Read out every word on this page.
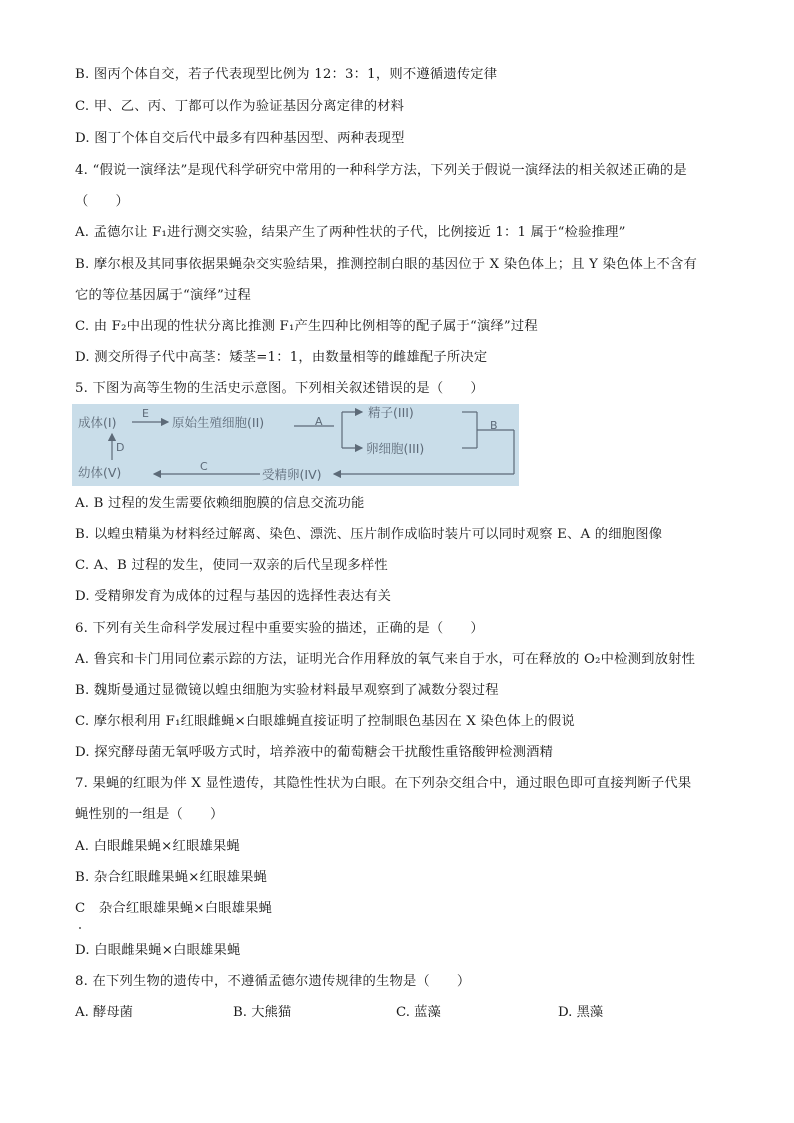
B. 图丙个体自交，若子代表现型比例为 12：3：1，则不遵循遗传定律
C. 甲、乙、丙、丁都可以作为验证基因分离定律的材料
D. 图丁个体自交后代中最多有四种基因型、两种表现型
4. “假说一演绎法”是现代科学研究中常用的一种科学方法，下列关于假说一演绎法的相关叙述正确的是
（　　）
A. 孟德尔让 F₁进行测交实验，结果产生了两种性状的子代，比例接近 1：1 属于“检验推理”
B. 摩尔根及其同事依据果蝇杂交实验结果，推测控制白眼的基因位于 X 染色体上；且 Y 染色体上不含有
它的等位基因属于“演绎”过程
C. 由 F₂中出现的性状分离比推测 F₁产生四种比例相等的配子属于“演绎”过程
D. 测交所得子代中高茎：矮茎=1：1，由数量相等的雌雄配子所决定
5. 下图为高等生物的生活史示意图。下列相关叙述错误的是（　　）
成体(I)
E
原始生殖细胞(II)	A
精子(III)
卵细胞(III)
B
D
幼体(V)	C
受精卵(IV)
A. B 过程的发生需要依赖细胞膜的信息交流功能
B. 以蝗虫精巢为材料经过解离、染色、漂洗、压片制作成临时装片可以同时观察 E、A 的细胞图像
C. A、B 过程的发生，使同一双亲的后代呈现多样性
D. 受精卵发育为成体的过程与基因的选择性表达有关
6. 下列有关生命科学发展过程中重要实验的描述，正确的是（　　）
A. 鲁宾和卡门用同位素示踪的方法，证明光合作用释放的氧气来自于水，可在释放的 O₂中检测到放射性
B. 魏斯曼通过显微镜以蝗虫细胞为实验材料最早观察到了减数分裂过程
C. 摩尔根利用 F₁红眼雌蝇×白眼雄蝇直接证明了控制眼色基因在 X 染色体上的假说
D. 探究酵母菌无氧呼吸方式时，培养液中的葡萄糖会干扰酸性重铬酸钾检测酒精
7. 果蝇的红眼为伴 X 显性遗传，其隐性性状为白眼。在下列杂交组合中，通过眼色即可直接判断子代果
蝇性别的一组是（　　）
A. 白眼雌果蝇×红眼雄果蝇
B. 杂合红眼雌果蝇×红眼雄果蝇
C　杂合红眼雄果蝇×白眼雄果蝇
D. 白眼雌果蝇×白眼雄果蝇
8. 在下列生物的遗传中，不遵循孟德尔遗传规律的生物是（　　）
A. 酵母菌	B. 大熊猫	C. 蓝藻	D. 黑藻
